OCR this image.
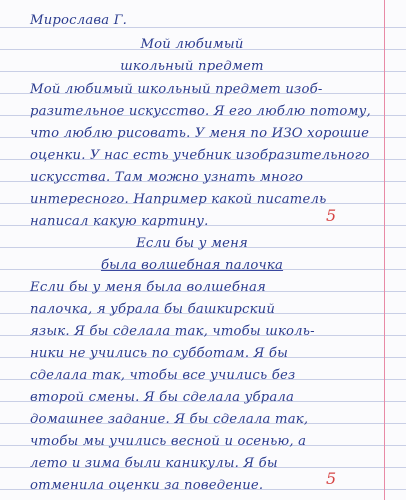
Мирослава Г.
Мой любимый
школьный предмет
Мой любимый школьный предмет изоб-
разительное искусство. Я его люблю потому,
что люблю рисовать. У меня по ИЗО хорошие
оценки. У нас есть учебник изобразительного
искусства. Там можно узнать много
интересного. Например какой писатель
написал какую картину.	5
Если бы у меня
была волшебная палочка
Если бы у меня была волшебная
палочка, я убрала бы башкирский
язык. Я бы сделала так, чтобы школь-
ники не учились по субботам. Я бы
сделала так, чтобы все учились без
второй смены. Я бы сделала убрала
домашнее задание. Я бы сделала так,
чтобы мы учились весной и осенью, а
лето и зима были каникулы. Я бы
отменила оценки за поведение.	5
